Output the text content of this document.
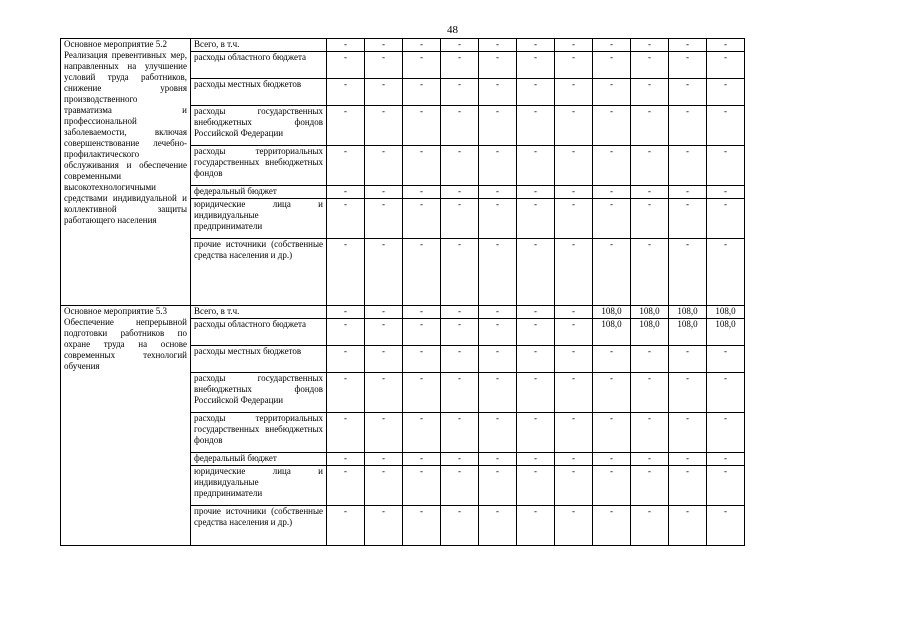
48
Основное мероприятие 5.2
Реализация превентивных мер, направленных на улучшение условий труда работников, снижение уровня производственного травматизма и профессиональной заболеваемости, включая совершенствование лечебно-профилактического обслуживания и обеспечение современными высокотехнологичными средствами индивидуальной и коллективной защиты работающего населения	Всего, в т.ч.	-	-	-	-	-	-	-	-	-	-	-

	расходы областного бюджета	-	-	-	-	-	-	-	-	-	-	-

	расходы местных бюджетов	-	-	-	-	-	-	-	-	-	-	-

	расходы государственных внебюджетных фондов Российской Федерации	-	-	-	-	-	-	-	-	-	-	-

	расходы территориальных государственных внебюджетных фондов	-	-	-	-	-	-	-	-	-	-	-

	федеральный бюджет	-	-	-	-	-	-	-	-	-	-	-

	юридические лица и индивидуальные предприниматели	-	-	-	-	-	-	-	-	-	-	-

	прочие источники (собственные средства населения и др.)	-	-	-	-	-	-	-	-	-	-	-

Основное мероприятие 5.3
Обеспечение непрерывной подготовки работников по охране труда на основе современных технологий обучения	Всего, в т.ч.	-	-	-	-	-	-	-	108,0	108,0	108,0	108,0

	расходы областного бюджета	-	-	-	-	-	-	-	108,0	108,0	108,0	108,0

	расходы местных бюджетов	-	-	-	-	-	-	-	-	-	-	-

	расходы государственных внебюджетных фондов Российской Федерации	-	-	-	-	-	-	-	-	-	-	-

	расходы территориальных государственных внебюджетных фондов	-	-	-	-	-	-	-	-	-	-	-

	федеральный бюджет	-	-	-	-	-	-	-	-	-	-	-

	юридические лица и индивидуальные предприниматели	-	-	-	-	-	-	-	-	-	-	-

	прочие источники (собственные средства населения и др.)	-	-	-	-	-	-	-	-	-	-	-
